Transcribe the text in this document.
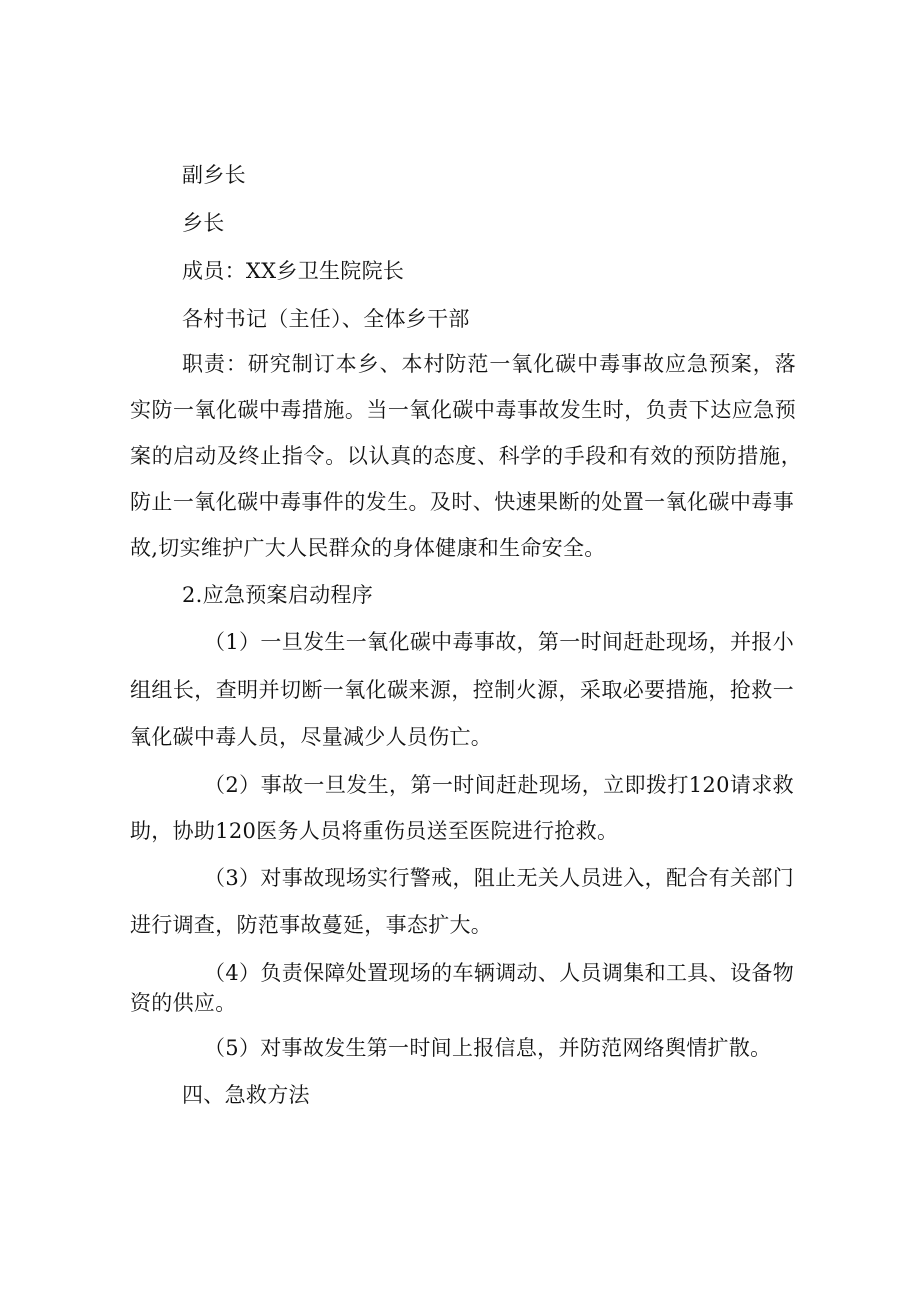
副乡长
乡长
成员：XX乡卫生院院长
各村书记（主任）、全体乡干部
职责：研究制订本乡、本村防范一氧化碳中毒事故应急预案，落
实防一氧化碳中毒措施。当一氧化碳中毒事故发生时，负责下达应急预
案的启动及终止指令。以认真的态度、科学的手段和有效的预防措施，
防止一氧化碳中毒事件的发生。及时、快速果断的处置一氧化碳中毒事
故,切实维护广大人民群众的身体健康和生命安全。
2.应急预案启动程序
（1）一旦发生一氧化碳中毒事故，第一时间赶赴现场，并报小
组组长，查明并切断一氧化碳来源，控制火源，采取必要措施，抢救一
氧化碳中毒人员，尽量减少人员伤亡。
（2）事故一旦发生，第一时间赶赴现场，立即拨打120请求救
助，协助120医务人员将重伤员送至医院进行抢救。
（3）对事故现场实行警戒，阻止无关人员进入，配合有关部门
进行调查，防范事故蔓延，事态扩大。
（4）负责保障处置现场的车辆调动、人员调集和工具、设备物
资的供应。
（5）对事故发生第一时间上报信息，并防范网络舆情扩散。
四、急救方法
